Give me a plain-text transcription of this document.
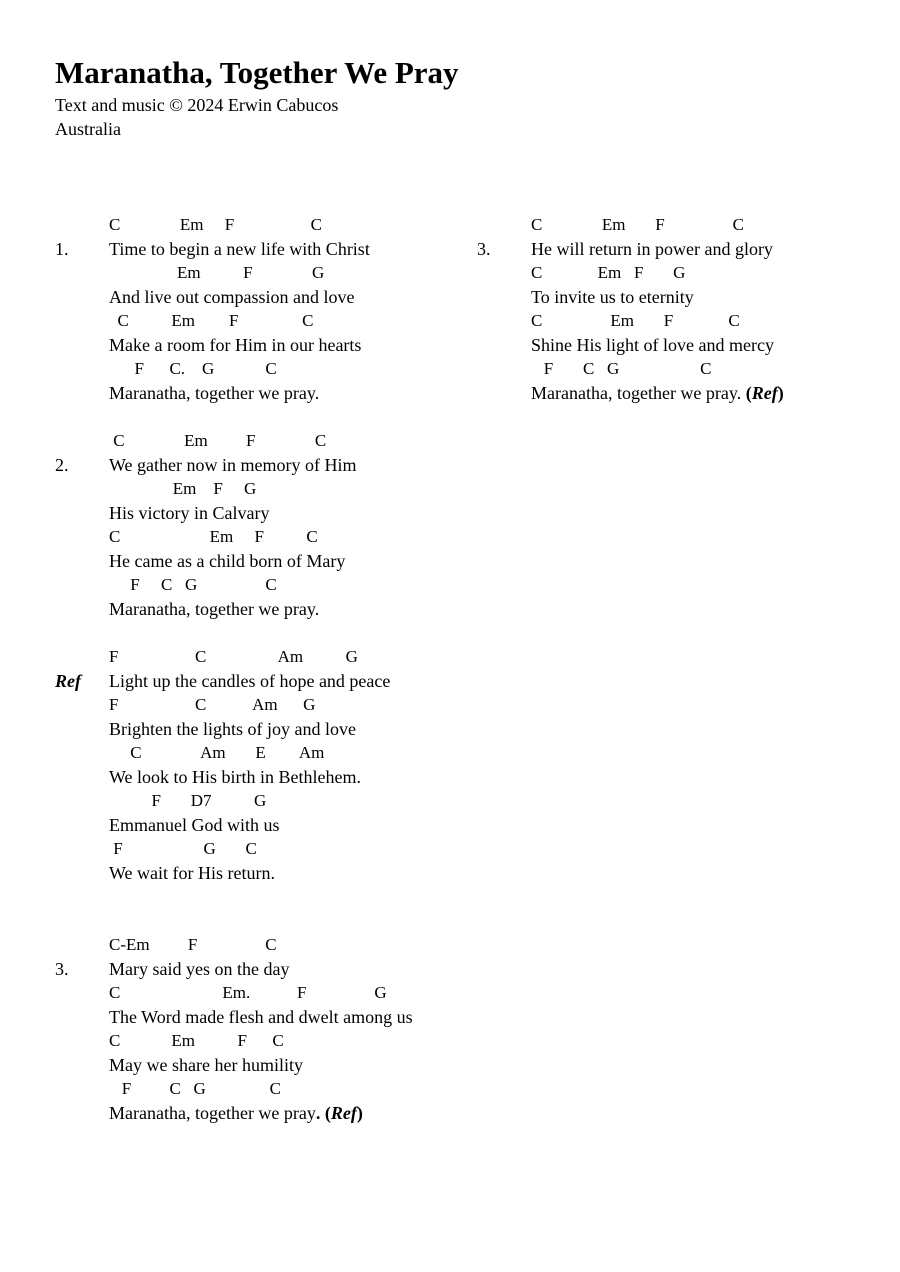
Maranatha, Together We Pray
Text and music © 2024 Erwin Cabucos
Australia
1.
C              Em     F                  C
Time to begin a new life with Christ
Em          F              G
And live out compassion and love
C          Em        F               C
Make a room for Him in our hearts
F      C.    G            C
Maranatha, together we pray.
2.
C              Em         F              C
We gather now in memory of Him
Em    F     G
His victory in Calvary
C                     Em     F          C
He came as a child born of Mary
F     C   G                C
Maranatha, together we pray.
Ref
F                  C                 Am          G
Light up the candles of hope and peace
F                  C           Am      G
Brighten the lights of joy and love
C              Am       E        Am
We look to His birth in Bethlehem.
F       D7          G
Emmanuel God with us
F                   G       C
We wait for His return.
3.
C-Em         F                C
Mary said yes on the day
C                        Em.           F                G
The Word made flesh and dwelt among us
C            Em          F      C
May we share her humility
F         C   G               C
Maranatha, together we pray. (Ref)
3.
C              Em       F                C
He will return in power and glory
C             Em   F       G
To invite us to eternity
C                Em       F             C
Shine His light of love and mercy
F       C   G                   C
Maranatha, together we pray. (Ref)
